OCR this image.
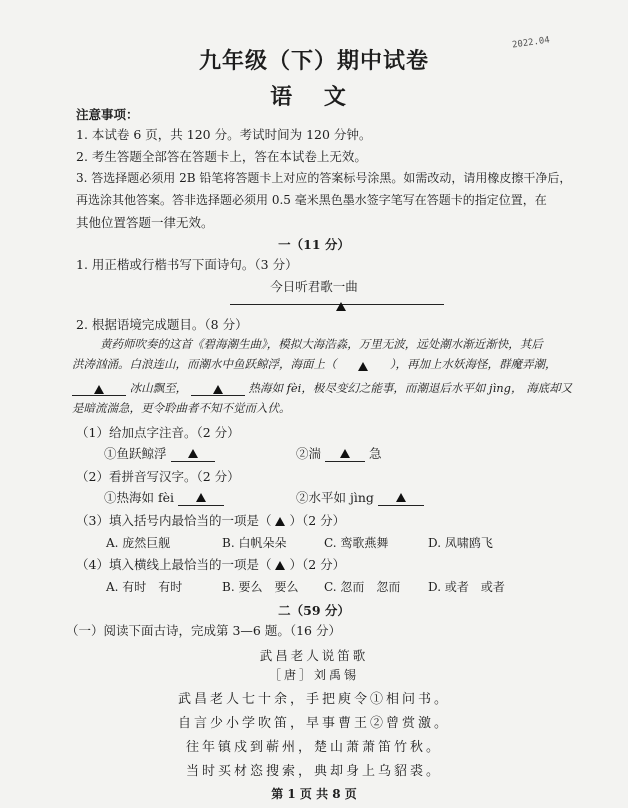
2022.04
九年级（下）期中试卷
语 文
注意事项：
1. 本试卷 6 页，共 120 分。考试时间为 120 分钟。
2. 考生答题全部答在答题卡上，答在本试卷上无效。
3. 答选择题必须用 2B 铅笔将答题卡上对应的答案标号涂黑。如需改动，请用橡皮擦干净后，
再选涂其他答案。答非选择题必须用 0.5 毫米黑色墨水签字笔写在答题卡的指定位置，在
其他位置答题一律无效。
一（11 分）
1. 用正楷或行楷书写下面诗句。（3 分）
今日听君歌一曲
2. 根据语境完成题目。（8 分）
黄药师吹奏的这首《碧海潮生曲》，模拟大海浩淼，万里无波，远处潮水渐近渐快，其后
洪涛汹涌。白浪连山，而潮水中鱼跃鲸浮，海面上（	），再加上水妖海怪，群魔弄潮，
冰山飘至，	热海如 fèi，极尽变幻之能事，而潮退后水平如 jìng， 海底却又
是暗流湍急，更令聆曲者不知不觉而入伏。
（1）给加点字注音。（2 分）
①鱼跃鲸浮	②湍	急
（2）看拼音写汉字。（2 分）
①热海如 fèi	②水平如 jìng
（3）填入括号内最恰当的一项是（ ）（2 分）
A. 庞然巨舰	B. 白帆朵朵	C. 鸾歌燕舞	D. 凤啸鸥飞
（4）填入横线上最恰当的一项是（ ）（2 分）
A. 有时　有时	B. 要么　要么 C. 忽而　忽而 D. 或者　或者
二（59 分）
（一）阅读下面古诗，完成第 3—6 题。（16 分）
武昌老人说笛歌
［唐］刘禹锡
武昌老人七十余，手把庾令①相问书。
自言少小学吹笛，早事曹王②曾赏激。
往年镇戍到蕲州，楚山萧萧笛竹秋。
当时买材恣搜索，典却身上乌貂裘。
第 1 页 共 8 页
